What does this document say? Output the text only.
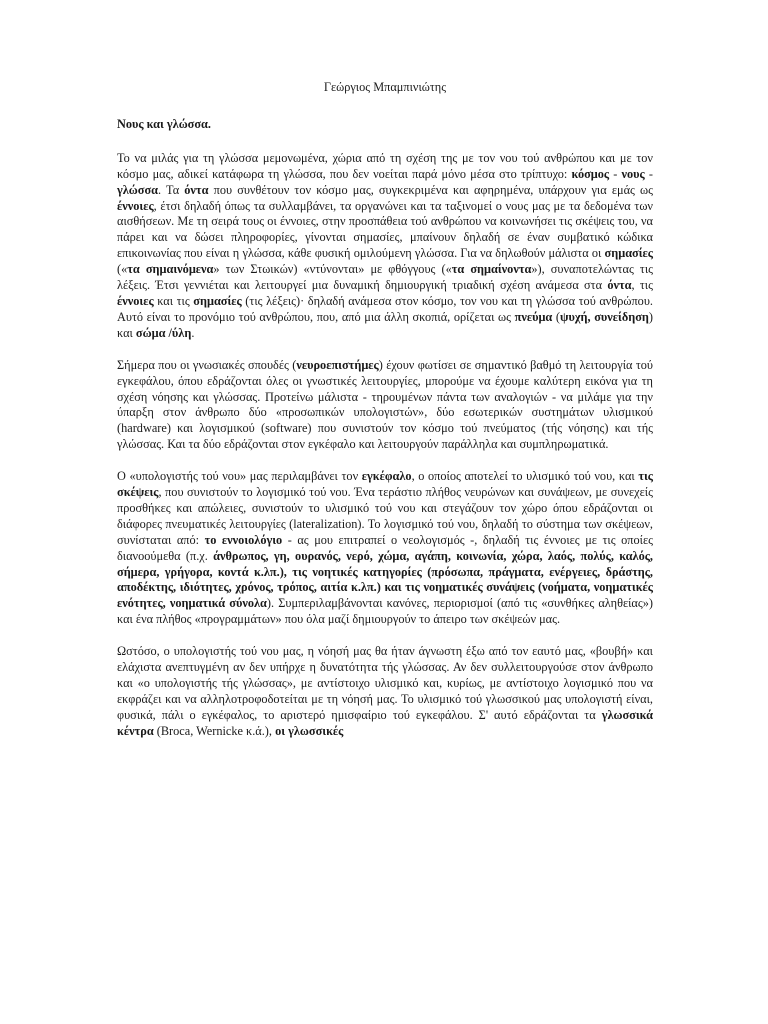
Γεώργιος Μπαμπινιώτης
Νους και γλώσσα.

Το να μιλάς για τη γλώσσα μεμονωμένα, χώρια από τη σχέση της με τον νου τού ανθρώπου και με τον κόσμο μας, αδικεί κατάφωρα τη γλώσσα, που δεν νοείται παρά μόνο μέσα στο τρίπτυχο: κόσμος - νους - γλώσσα. Τα όντα που συνθέτουν τον κόσμο μας, συγκεκριμένα και αφηρημένα, υπάρχουν για εμάς ως έννοιες, έτσι δηλαδή όπως τα συλλαμβάνει, τα οργανώνει και τα ταξινομεί ο νους μας με τα δεδομένα των αισθήσεων. Με τη σειρά τους οι έννοιες, στην προσπάθεια τού ανθρώπου να κοινωνήσει τις σκέψεις του, να πάρει και να δώσει πληροφορίες, γίνονται σημασίες, μπαίνουν δηλαδή σε έναν συμβατικό κώδικα επικοινωνίας που είναι η γλώσσα, κάθε φυσική ομιλούμενη γλώσσα. Για να δηλωθούν μάλιστα οι σημασίες («τα σημαινόμενα» των Στωικών) «ντύνονται» με φθόγγους («τα σημαίνοντα»), συναποτελώντας τις λέξεις. Έτσι γεννιέται και λειτουργεί μια δυναμική δημιουργική τριαδική σχέση ανάμεσα στα όντα, τις έννοιες και τις σημασίες (τις λέξεις)· δηλαδή ανάμεσα στον κόσμο, τον νου και τη γλώσσα τού ανθρώπου. Αυτό είναι το προνόμιο τού ανθρώπου, που, από μια άλλη σκοπιά, ορίζεται ως πνεύμα (ψυχή, συνείδηση) και σώμα /ύλη.

Σήμερα που οι γνωσιακές σπουδές (νευροεπιστήμες) έχουν φωτίσει σε σημαντικό βαθμό τη λειτουργία τού εγκεφάλου, όπου εδράζονται όλες οι γνωστικές λειτουργίες, μπορούμε να έχουμε καλύτερη εικόνα για τη σχέση νόησης και γλώσσας. Προτείνω μάλιστα - τηρουμένων πάντα των αναλογιών - να μιλάμε για την ύπαρξη στον άνθρωπο δύο «προσωπικών υπολογιστών», δύο εσωτερικών συστημάτων υλισμικού (hardware) και λογισμικού (software) που συνιστούν τον κόσμο τού πνεύματος (τής νόησης) και τής γλώσσας. Και τα δύο εδράζονται στον εγκέφαλο και λειτουργούν παράλληλα και συμπληρωματικά.

Ο «υπολογιστής τού νου» μας περιλαμβάνει τον εγκέφαλο, ο οποίος αποτελεί το υλισμικό τού νου, και τις σκέψεις, που συνιστούν το λογισμικό τού νου. Ένα τεράστιο πλήθος νευρώνων και συνάψεων, με συνεχείς προσθήκες και απώλειες, συνιστούν το υλισμικό τού νου και στεγάζουν τον χώρο όπου εδράζονται οι διάφορες πνευματικές λειτουργίες (lateralization). Το λογισμικό τού νου, δηλαδή το σύστημα των σκέψεων, συνίσταται από: το εννοιολόγιο - ας μου επιτραπεί ο νεολογισμός -, δηλαδή τις έννοιες με τις οποίες διανοούμεθα (π.χ. άνθρωπος, γη, ουρανός, νερό, χώμα, αγάπη, κοινωνία, χώρα, λαός, πολύς, καλός, σήμερα, γρήγορα, κοντά κ.λπ.), τις νοητικές κατηγορίες (πρόσωπα, πράγματα, ενέργειες, δράστης, αποδέκτης, ιδιότητες, χρόνος, τρόπος, αιτία κ.λπ.) και τις νοηματικές συνάψεις (νοήματα, νοηματικές ενότητες, νοηματικά σύνολα). Συμπεριλαμβάνονται κανόνες, περιορισμοί (από τις «συνθήκες αληθείας») και ένα πλήθος «προγραμμάτων» που όλα μαζί δημιουργούν το άπειρο των σκέψεών μας.

Ωστόσο, ο υπολογιστής τού νου μας, η νόησή μας θα ήταν άγνωστη έξω από τον εαυτό μας, «βουβή» και ελάχιστα ανεπτυγμένη αν δεν υπήρχε η δυνατότητα τής γλώσσας. Αν δεν συλλειτουργούσε στον άνθρωπο και «ο υπολογιστής τής γλώσσας», με αντίστοιχο υλισμικό και, κυρίως, με αντίστοιχο λογισμικό που να εκφράζει και να αλληλοτροφοδοτείται με τη νόησή μας. Το υλισμικό τού γλωσσικού μας υπολογιστή είναι, φυσικά, πάλι ο εγκέφαλος, το αριστερό ημισφαίριο τού εγκεφάλου. Σ' αυτό εδράζονται τα γλωσσικά κέντρα (Broca, Wernicke κ.ά.), οι γλωσσικές
